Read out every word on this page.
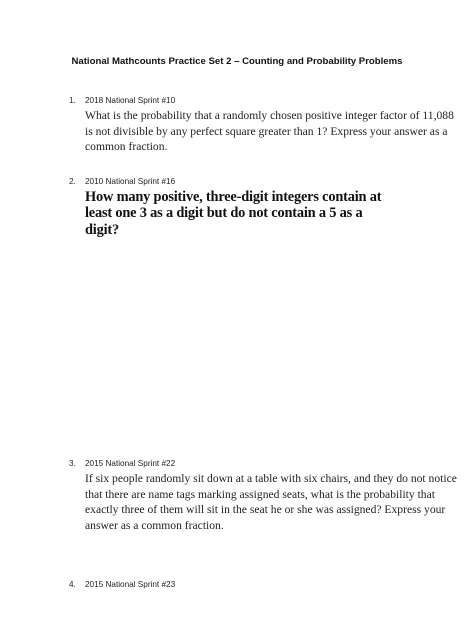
National Mathcounts Practice Set 2 – Counting and Probability Problems
1. 2018 National Sprint #10
What is the probability that a randomly chosen positive integer factor of 11,088 is not divisible by any perfect square greater than 1? Express your answer as a common fraction.
2. 2010 National Sprint #16
How many positive, three-digit integers contain at least one 3 as a digit but do not contain a 5 as a digit?
3. 2015 National Sprint #22
If six people randomly sit down at a table with six chairs, and they do not notice that there are name tags marking assigned seats, what is the probability that exactly three of them will sit in the seat he or she was assigned? Express your answer as a common fraction.
4. 2015 National Sprint #23
